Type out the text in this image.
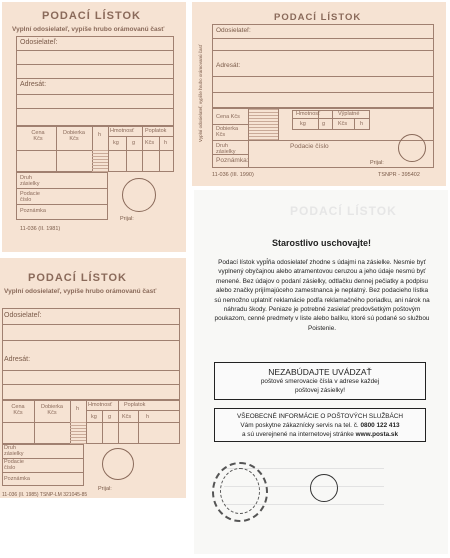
PODACÍ LÍSTOK
Vyplní odosielateľ, vypíše hrubo orámovanú časť
Odosielateľ:
Adresát:
Cena Kčs
Dobierka Kčs
h
Hmotnosť
kg g
Poplatok
Kčs h
Druh zásielky
Podacie číslo
Poznámka
Prijal:
11-036 (II. 1981)
PODACÍ LÍSTOK
Vyplní odosielateľ, vypíše hrubo orámovanú časť
Odosielateľ:
Adresát:
Cena Kčs
Dobierka Kčs
Hmotnosť	Výplatné
kg	g Kčs h
Druh zásielky
Podacie číslo
Poznámka:	Prijal:
11-036 (III. 1990)	TSNPR - 395402
PODACÍ LÍSTOK
Vyplní odosielateľ, vypíše hrubo orámovanú časť
Odosielateľ:
Adresát:
Cena Kčs
Dobierka Kčs
h
Hmotnosť
kg g
Poplatok
Kčs	h
Druh zásielky
Podacie číslo
Poznámka
Prijal:
11-036 (II. 1985) TSNP-LM 321045-85
PODACÍ LÍSTOK
Starostlivo uschovajte!
Podací lístok vypĺňa odosielateľ zhodne s údajmi na zásielke. Nesmie byť vyplnený obyčajnou alebo atramentovou ceruzou a jeho údaje nesmú byť menené. Bez údajov o podaní zásielky, odtlačku dennej pečiatky a podpisu alebo značky prijímajúceho zamestnanca je neplatný. Bez podacieho lístka sú nemožno uplatniť reklamácie podľa reklamačného poriadku, ani nárok na náhradu škody. Peniaze je potrebné zasielať predovšetkým poštovým poukazom, cenné predmety v liste alebo balíku, ktoré sú podané so službou Poistenie.
NEZABÚDAJTE UVÁDZAŤ
poštové smerovacie čísla v adrese každej poštovej zásielky!
VŠEOBECNÉ INFORMÁCIE O POŠTOVÝCH SLUŽBÁCH
Vám poskytne zákaznícky servis na tel. č. 0800 122 413
a sú uverejnené na internetovej stránke www.posta.sk
